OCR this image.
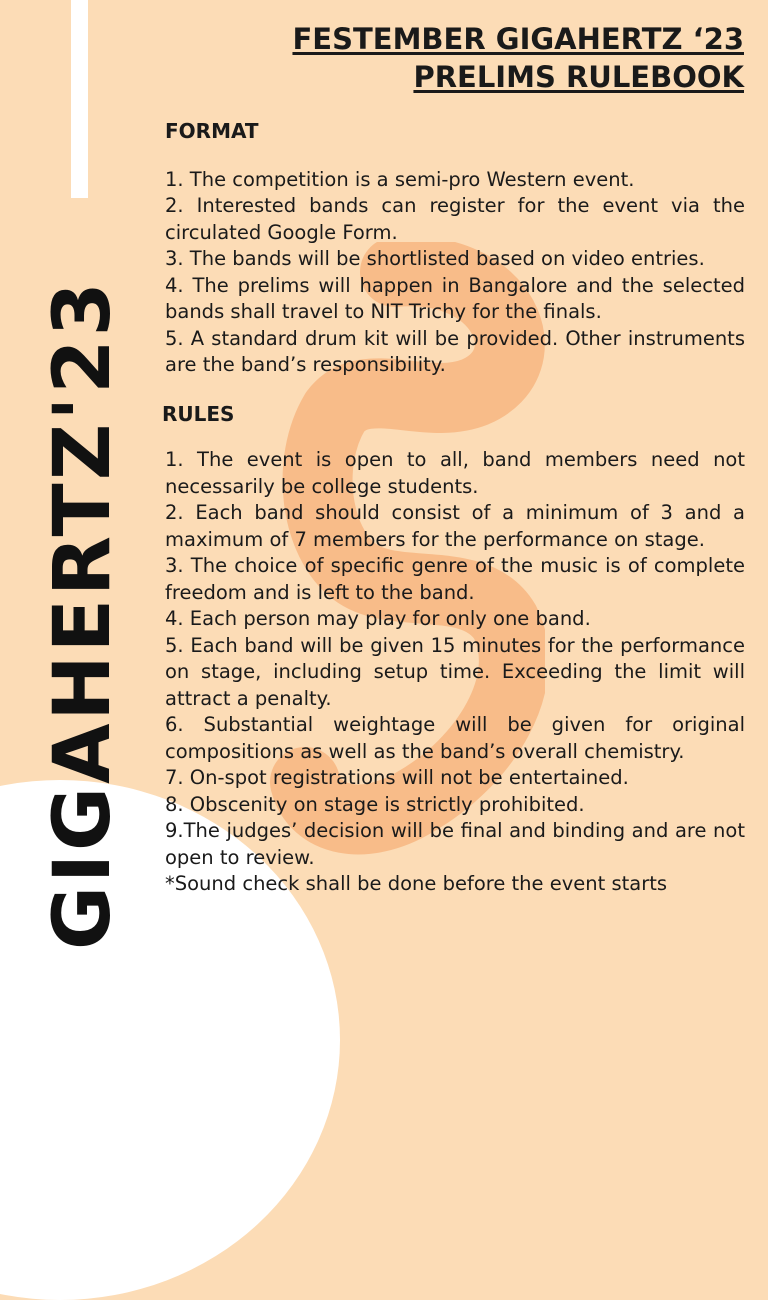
GIGAHERTZ'23
FESTEMBER GIGAHERTZ ‘23
PRELIMS RULEBOOK

FORMAT

1. The competition is a semi-pro Western event.

2. Interested bands can register for the event via the circulated Google Form.

3. The bands will be shortlisted based on video entries.

4. The prelims will happen in Bangalore and the selected bands shall travel to NIT Trichy for the finals.

5. A standard drum kit will be provided. Other instruments are the band’s responsibility.

RULES

1. The event is open to all, band members need not necessarily be college students.

2. Each band should consist of a minimum of 3 and a maximum of 7 members for the performance on stage.

3. The choice of specific genre of the music is of complete freedom and is left to the band.

4. Each person may play for only one band.

5. Each band will be given 15 minutes for the performance on stage, including setup time. Exceeding the limit will attract a penalty.

6. Substantial weightage will be given for original compositions as well as the band’s overall chemistry.

7. On-spot registrations will not be entertained.

8. Obscenity on stage is strictly prohibited.

9.The judges’ decision will be final and binding and are not open to review.

*Sound check shall be done before the event starts
